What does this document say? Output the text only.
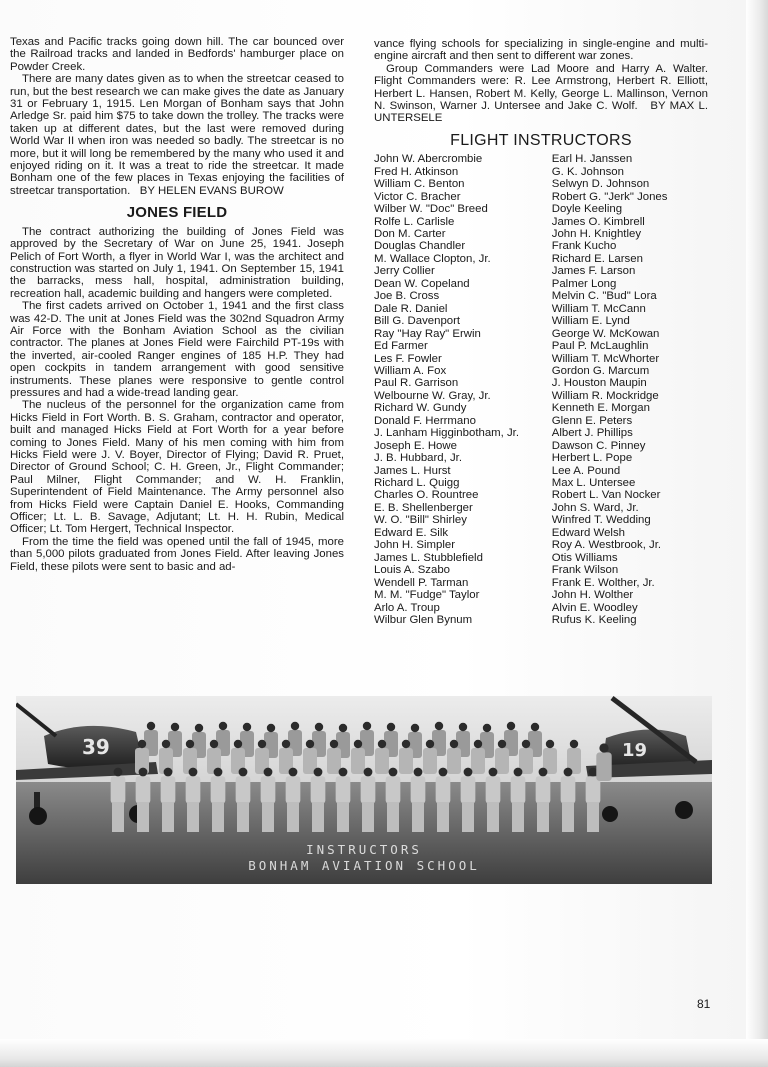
Texas and Pacific tracks going down hill. The car bounced over the Railroad tracks and landed in Bedfords' hamburger place on Powder Creek.

There are many dates given as to when the streetcar ceased to run, but the best research we can make gives the date as January 31 or February 1, 1915. Len Morgan of Bonham says that John Arledge Sr. paid him $75 to take down the trolley. The tracks were taken up at different dates, but the last were removed during World War II when iron was needed so badly. The streetcar is no more, but it will long be remembered by the many who used it and enjoyed riding on it. It was a treat to ride the streetcar. It made Bonham one of the few places in Texas enjoying the facilities of streetcar transportation. BY HELEN EVANS BUROW

JONES FIELD

The contract authorizing the building of Jones Field was approved by the Secretary of War on June 25, 1941. Joseph Pelich of Fort Worth, a flyer in World War I, was the architect and construction was started on July 1, 1941. On September 15, 1941 the barracks, mess hall, hospital, administration building, recreation hall, academic building and hangers were completed.

The first cadets arrived on October 1, 1941 and the first class was 42-D. The unit at Jones Field was the 302nd Squadron Army Air Force with the Bonham Aviation School as the civilian contractor. The planes at Jones Field were Fairchild PT-19s with the inverted, air-cooled Ranger engines of 185 H.P. They had open cockpits in tandem arrangement with good sensitive instruments. These planes were responsive to gentle control pressures and had a wide-tread landing gear.

The nucleus of the personnel for the organization came from Hicks Field in Fort Worth. B. S. Graham, contractor and operator, built and managed Hicks Field at Fort Worth for a year before coming to Jones Field. Many of his men coming with him from Hicks Field were J. V. Boyer, Director of Flying; David R. Pruet, Director of Ground School; C. H. Green, Jr., Flight Commander; Paul Milner, Flight Commander; and W. H. Franklin, Superintendent of Field Maintenance. The Army personnel also from Hicks Field were Captain Daniel E. Hooks, Commanding Officer; Lt. L. B. Savage, Adjutant; Lt. H. H. Rubin, Medical Officer; Lt. Tom Hergert, Technical Inspector.

From the time the field was opened until the fall of 1945, more than 5,000 pilots graduated from Jones Field. After leaving Jones Field, these pilots were sent to basic and ad-

vance flying schools for specializing in single-engine and multi-engine aircraft and then sent to different war zones.

Group Commanders were Lad Moore and Harry A. Walter. Flight Commanders were: R. Lee Armstrong, Herbert R. Elliott, Herbert L. Hansen, Robert M. Kelly, George L. Mallinson, Vernon N. Swinson, Warner J. Untersee and Jake C. Wolf. BY MAX L. UNTERSELE

FLIGHT INSTRUCTORS
John W. Abercrombie
Fred H. Atkinson
William C. Benton
Victor C. Bracher
Wilber W. "Doc" Breed
Rolfe L. Carlisle
Don M. Carter
Douglas Chandler
M. Wallace Clopton, Jr.
Jerry Collier
Dean W. Copeland
Joe B. Cross
Dale R. Daniel
Bill G. Davenport
Ray "Hay Ray" Erwin
Ed Farmer
Les F. Fowler
William A. Fox
Paul R. Garrison
Welbourne W. Gray, Jr.
Richard W. Gundy
Donald F. Herrmano
J. Lanham Higginbotham, Jr.
Joseph E. Howe
J. B. Hubbard, Jr.
James L. Hurst
Richard L. Quigg
Charles O. Rountree
E. B. Shellenberger
W. O. "Bill" Shirley
Edward E. Silk
John H. Simpler
James L. Stubblefield
Louis A. Szabo
Wendell P. Tarman
M. M. "Fudge" Taylor
Arlo A. Troup
Wilbur Glen Bynum
Earl H. Janssen
G. K. Johnson
Selwyn D. Johnson
Robert G. "Jerk" Jones
Doyle Keeling
James O. Kimbrell
John H. Knightley
Frank Kucho
Richard E. Larsen
James F. Larson
Palmer Long
Melvin C. "Bud" Lora
William T. McCann
William E. Lynd
George W. McKowan
Paul P. McLaughlin
William T. McWhorter
Gordon G. Marcum
J. Houston Maupin
William R. Mockridge
Kenneth E. Morgan
Glenn E. Peters
Albert J. Phillips
Dawson C. Pinney
Herbert L. Pope
Lee A. Pound
Max L. Untersee
Robert L. Van Nocker
John S. Ward, Jr.
Winfred T. Wedding
Edward Welsh
Roy A. Westbrook, Jr.
Otis Williams
Frank Wilson
Frank E. Wolther, Jr.
John H. Wolther
Alvin E. Woodley
Rufus K. Keeling
39	19
INSTRUCTORS
BONHAM AVIATION SCHOOL
81
